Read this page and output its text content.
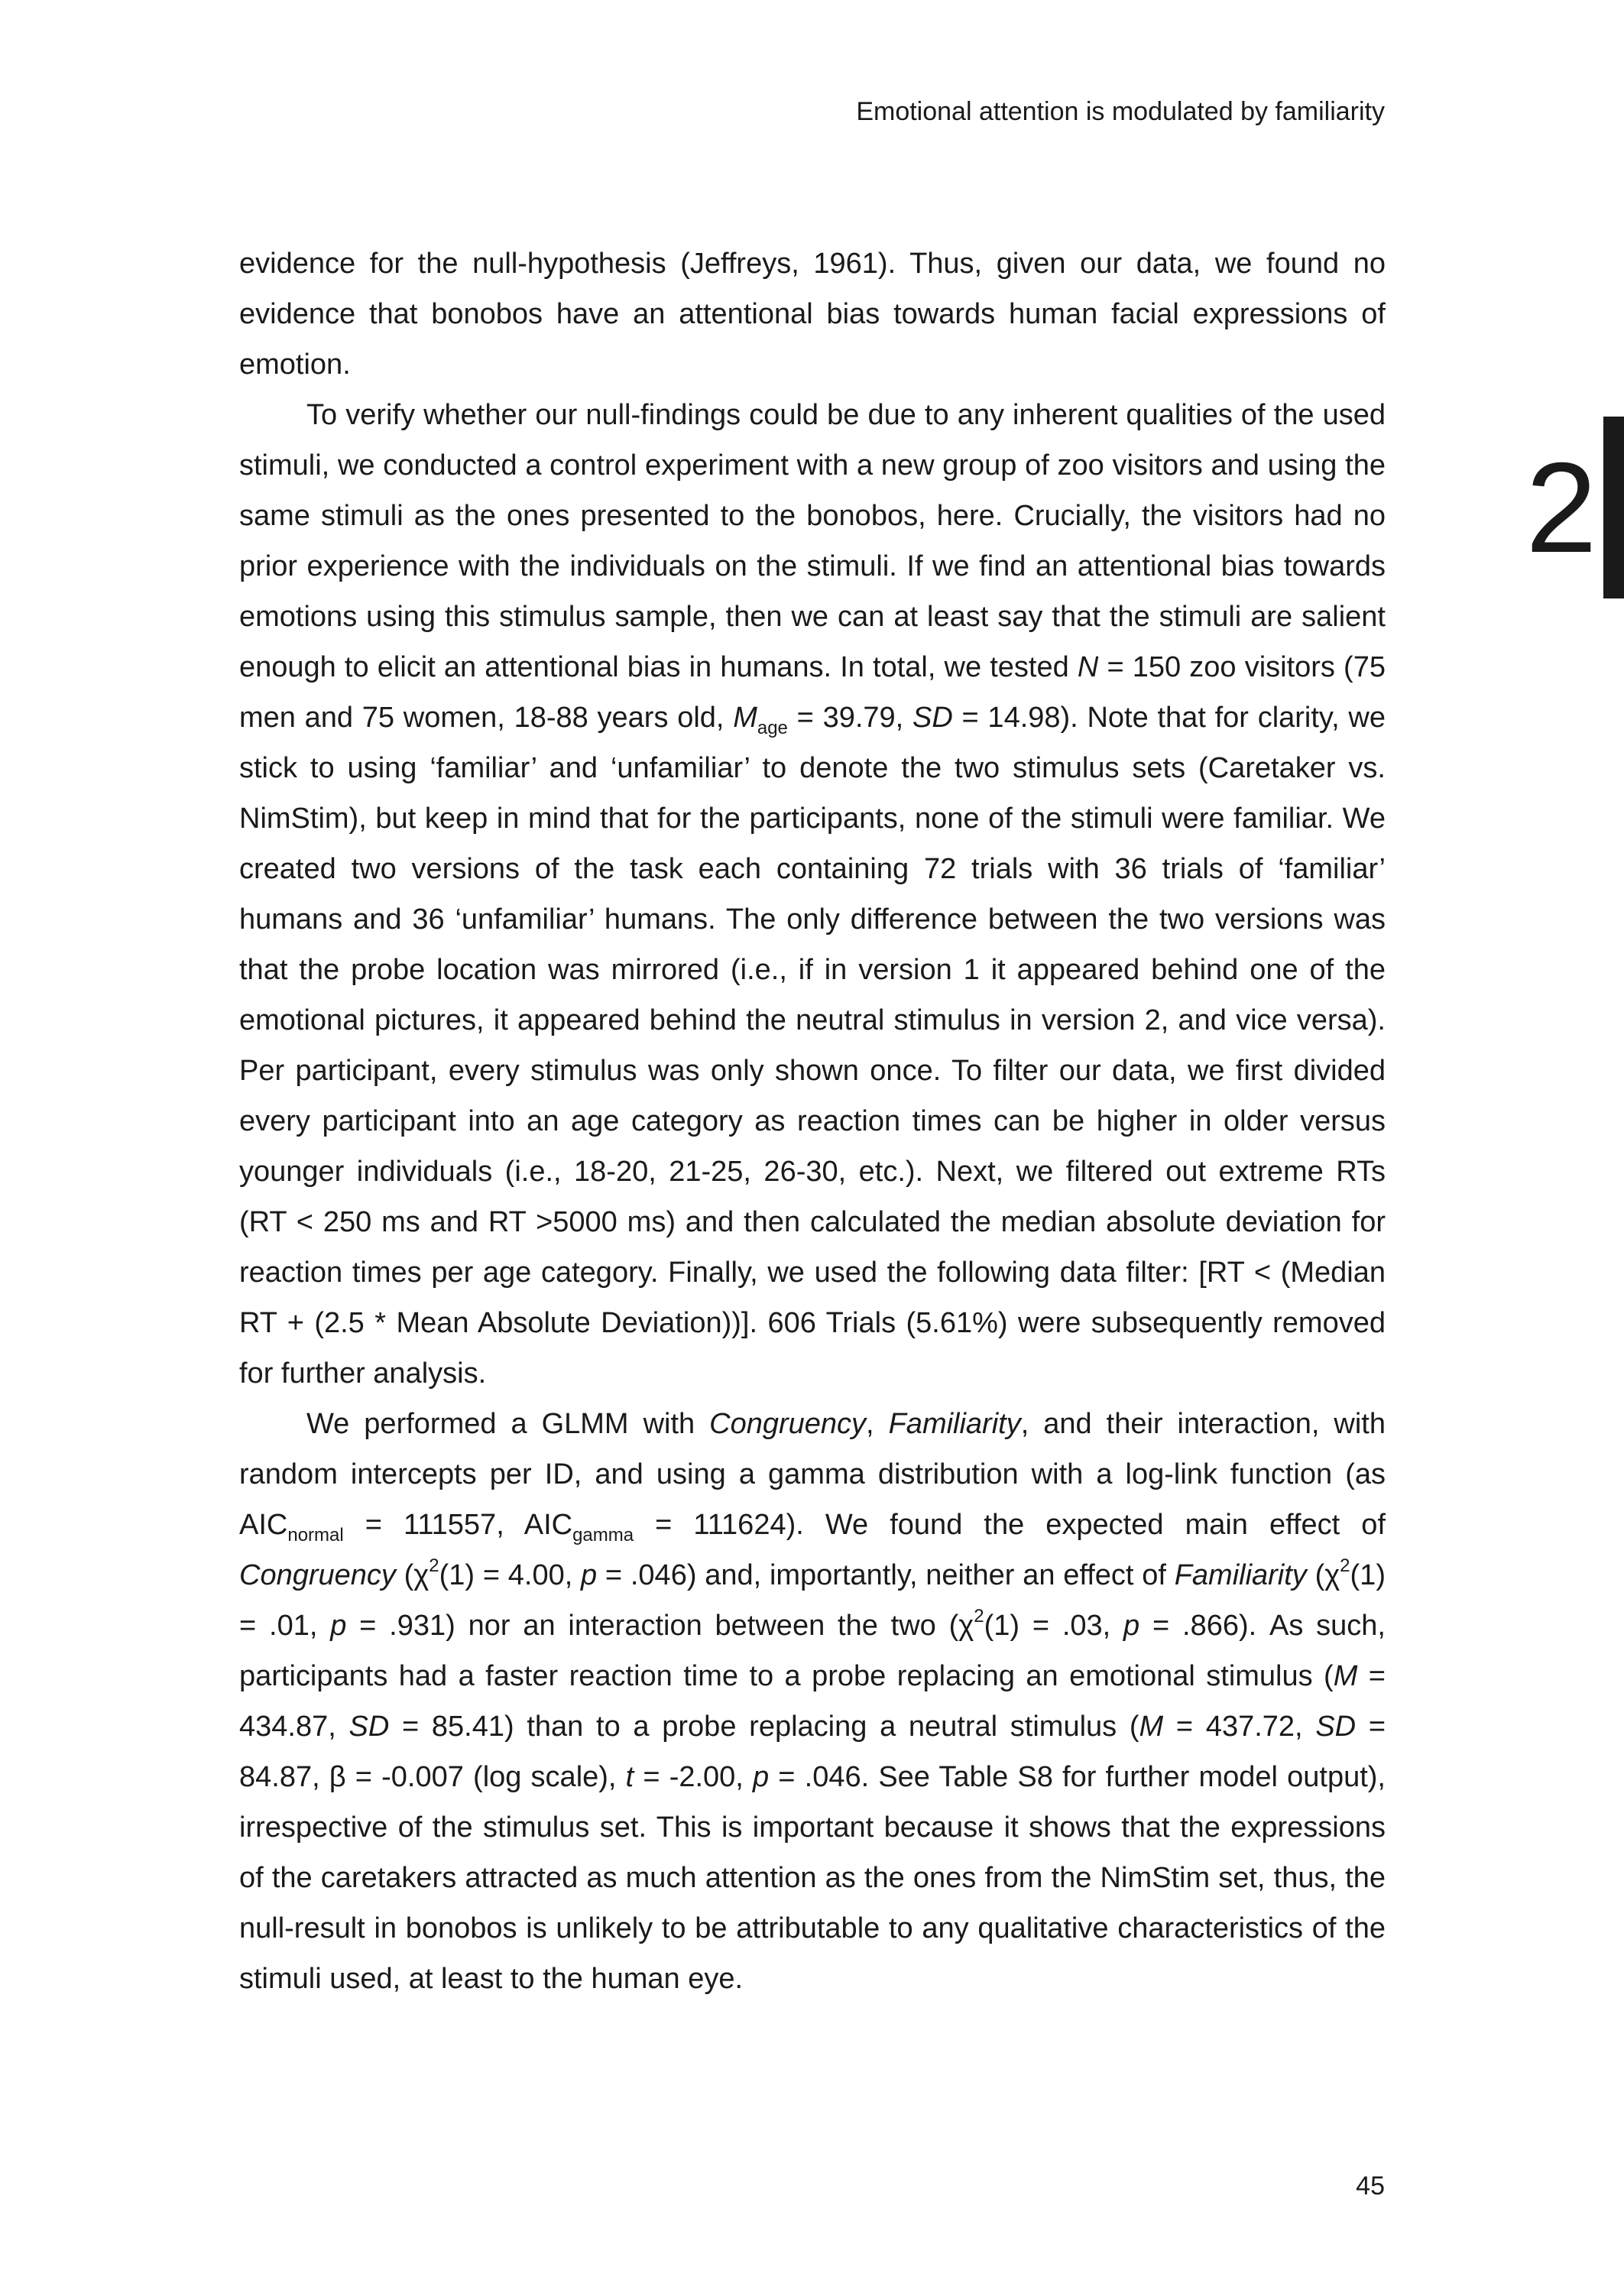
Emotional attention is modulated by familiarity
2

evidence for the null-hypothesis (Jeffreys, 1961). Thus, given our data, we found no evidence that bonobos have an attentional bias towards human facial expressions of emotion.

To verify whether our null-findings could be due to any inherent qualities of the used stimuli, we conducted a control experiment with a new group of zoo visitors and using the same stimuli as the ones presented to the bonobos, here. Crucially, the visitors had no prior experience with the individuals on the stimuli. If we find an attentional bias towards emotions using this stimulus sample, then we can at least say that the stimuli are salient enough to elicit an attentional bias in humans. In total, we tested N = 150 zoo visitors (75 men and 75 women, 18-88 years old, $M_{age} = 39.79$, SD = 14.98). Note that for clarity, we stick to using ‘familiar’ and ‘unfamiliar’ to denote the two stimulus sets (Caretaker vs. NimStim), but keep in mind that for the participants, none of the stimuli were familiar. We created two versions of the task each containing 72 trials with 36 trials of ‘familiar’ humans and 36 ‘unfamiliar’ humans. The only difference between the two versions was that the probe location was mirrored (i.e., if in version 1 it appeared behind one of the emotional pictures, it appeared behind the neutral stimulus in version 2, and vice versa). Per participant, every stimulus was only shown once. To filter our data, we first divided every participant into an age category as reaction times can be higher in older versus younger individuals (i.e., 18-20, 21-25, 26-30, etc.). Next, we filtered out extreme RTs (RT < 250 ms and RT >5000 ms) and then calculated the median absolute deviation for reaction times per age category. Finally, we used the following data filter: [RT < (Median RT + (2.5 * Mean Absolute Deviation))]. 606 Trials (5.61%) were subsequently removed for further analysis.

We performed a GLMM with Congruency, Familiarity, and their interaction, with random intercepts per ID, and using a gamma distribution with a log-link function (as $AIC_{normal} = 111557$, $AIC_{gamma} = 111624$). We found the expected main effect of Congruency ($\chi^2(1) = 4.00$, p = .046) and, importantly, neither an effect of Familiarity ($\chi^2(1) = .01$, p = .931) nor an interaction between the two ($\chi^2(1) = .03$, p = .866). As such, participants had a faster reaction time to a probe replacing an emotional stimulus (M = 434.87, SD = 85.41) than to a probe replacing a neutral stimulus (M = 437.72, SD = 84.87, β = -0.007 (log scale), t = -2.00, p = .046. See Table S8 for further model output), irrespective of the stimulus set. This is important because it shows that the expressions of the caretakers attracted as much attention as the ones from the NimStim set, thus, the null-result in bonobos is unlikely to be attributable to any qualitative characteristics of the stimuli used, at least to the human eye.

45
